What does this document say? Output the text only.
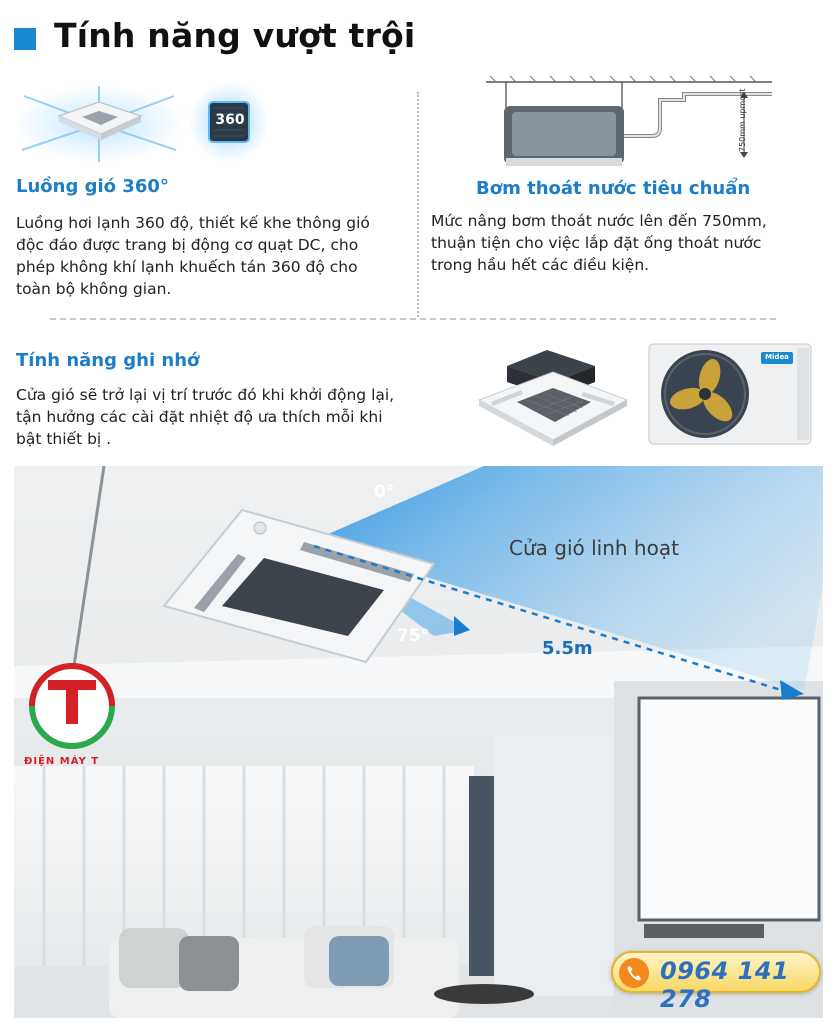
Tính năng vượt trội
360
Luồng gió 360°
Luồng hơi lạnh 360 độ, thiết kế khe thông gió
độc đáo được trang bị động cơ quạt DC, cho
phép không khí lạnh khuếch tán 360 độ cho
toàn bộ không gian.
750mm upmost
Bơm thoát nước tiêu chuẩn
Mức nâng bơm thoát nước lên đến 750mm,
thuận tiện cho việc lắp đặt ống thoát nước
trong hầu hết các điều kiện.
Tính năng ghi nhớ
Cửa gió sẽ trở lại vị trí trước đó khi khởi động lại,
tận hưởng các cài đặt nhiệt độ ưa thích mỗi khi
bật thiết bị .
Midea
0°
75°
Cửa gió linh hoạt
5.5m
ĐIỆN MÁY T
0964 141 278
